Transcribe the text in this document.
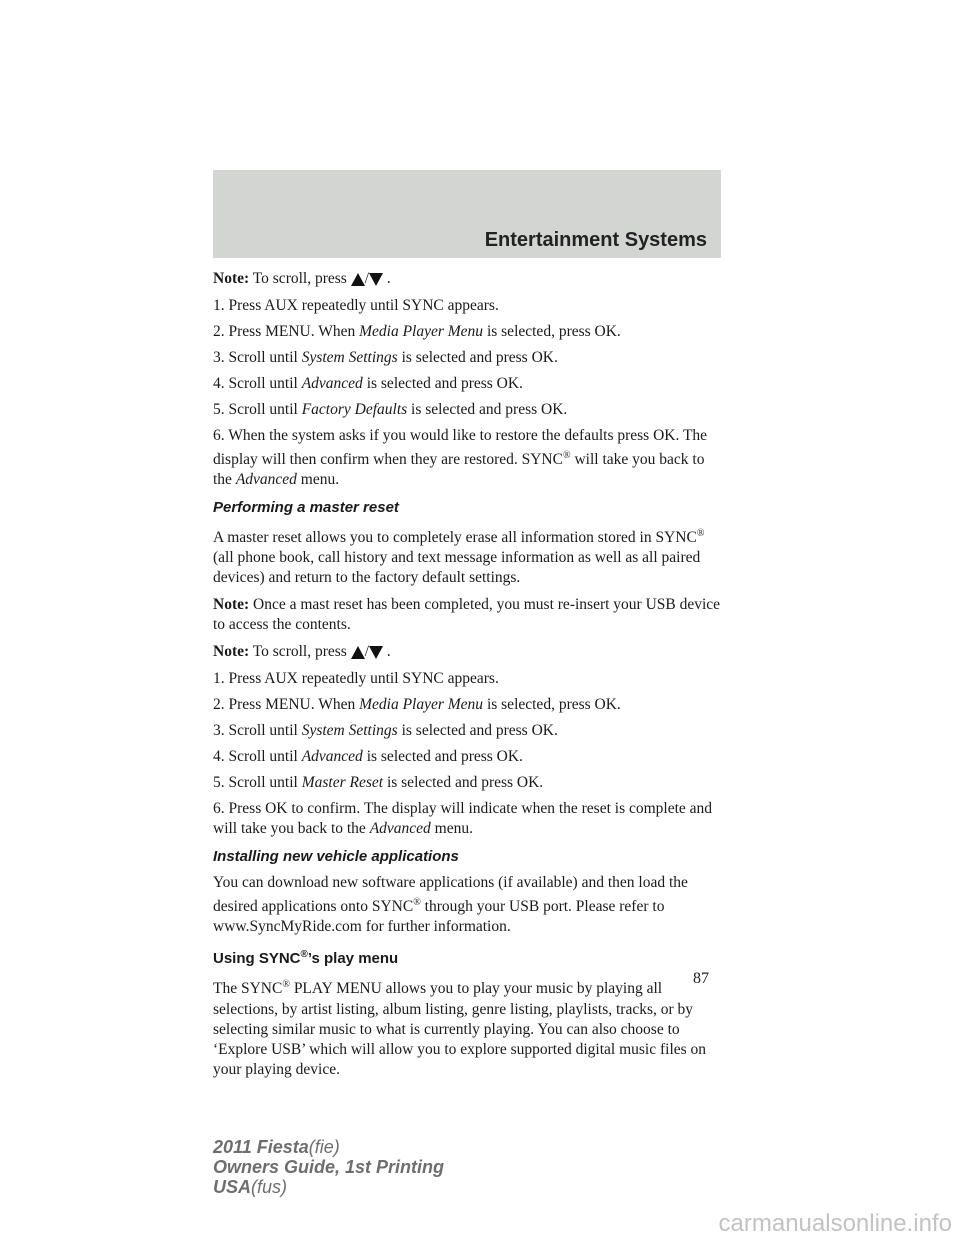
Entertainment Systems

Note: To scroll, press / .

1. Press AUX repeatedly until SYNC appears.

2. Press MENU. When Media Player Menu is selected, press OK.

3. Scroll until System Settings is selected and press OK.

4. Scroll until Advanced is selected and press OK.

5. Scroll until Factory Defaults is selected and press OK.

6. When the system asks if you would like to restore the defaults press OK. The display will then confirm when they are restored. SYNC® will take you back to the Advanced menu.

Performing a master reset

A master reset allows you to completely erase all information stored in SYNC® (all phone book, call history and text message information as well as all paired devices) and return to the factory default settings.

Note: Once a mast reset has been completed, you must re-insert your USB device to access the contents.

Note: To scroll, press / .

1. Press AUX repeatedly until SYNC appears.

2. Press MENU. When Media Player Menu is selected, press OK.

3. Scroll until System Settings is selected and press OK.

4. Scroll until Advanced is selected and press OK.

5. Scroll until Master Reset is selected and press OK.

6. Press OK to confirm. The display will indicate when the reset is complete and will take you back to the Advanced menu.

Installing new vehicle applications

You can download new software applications (if available) and then load the desired applications onto SYNC® through your USB port. Please refer to www.SyncMyRide.com for further information.

Using SYNC®’s play menu

The SYNC® PLAY MENU allows you to play your music by playing all selections, by artist listing, album listing, genre listing, playlists, tracks, or by selecting similar music to what is currently playing. You can also choose to ‘Explore USB’ which will allow you to explore supported digital music files on your playing device.

87
2011 Fiesta(fie)
Owners Guide, 1st Printing
USA(fus)
carmanualsonline.info
